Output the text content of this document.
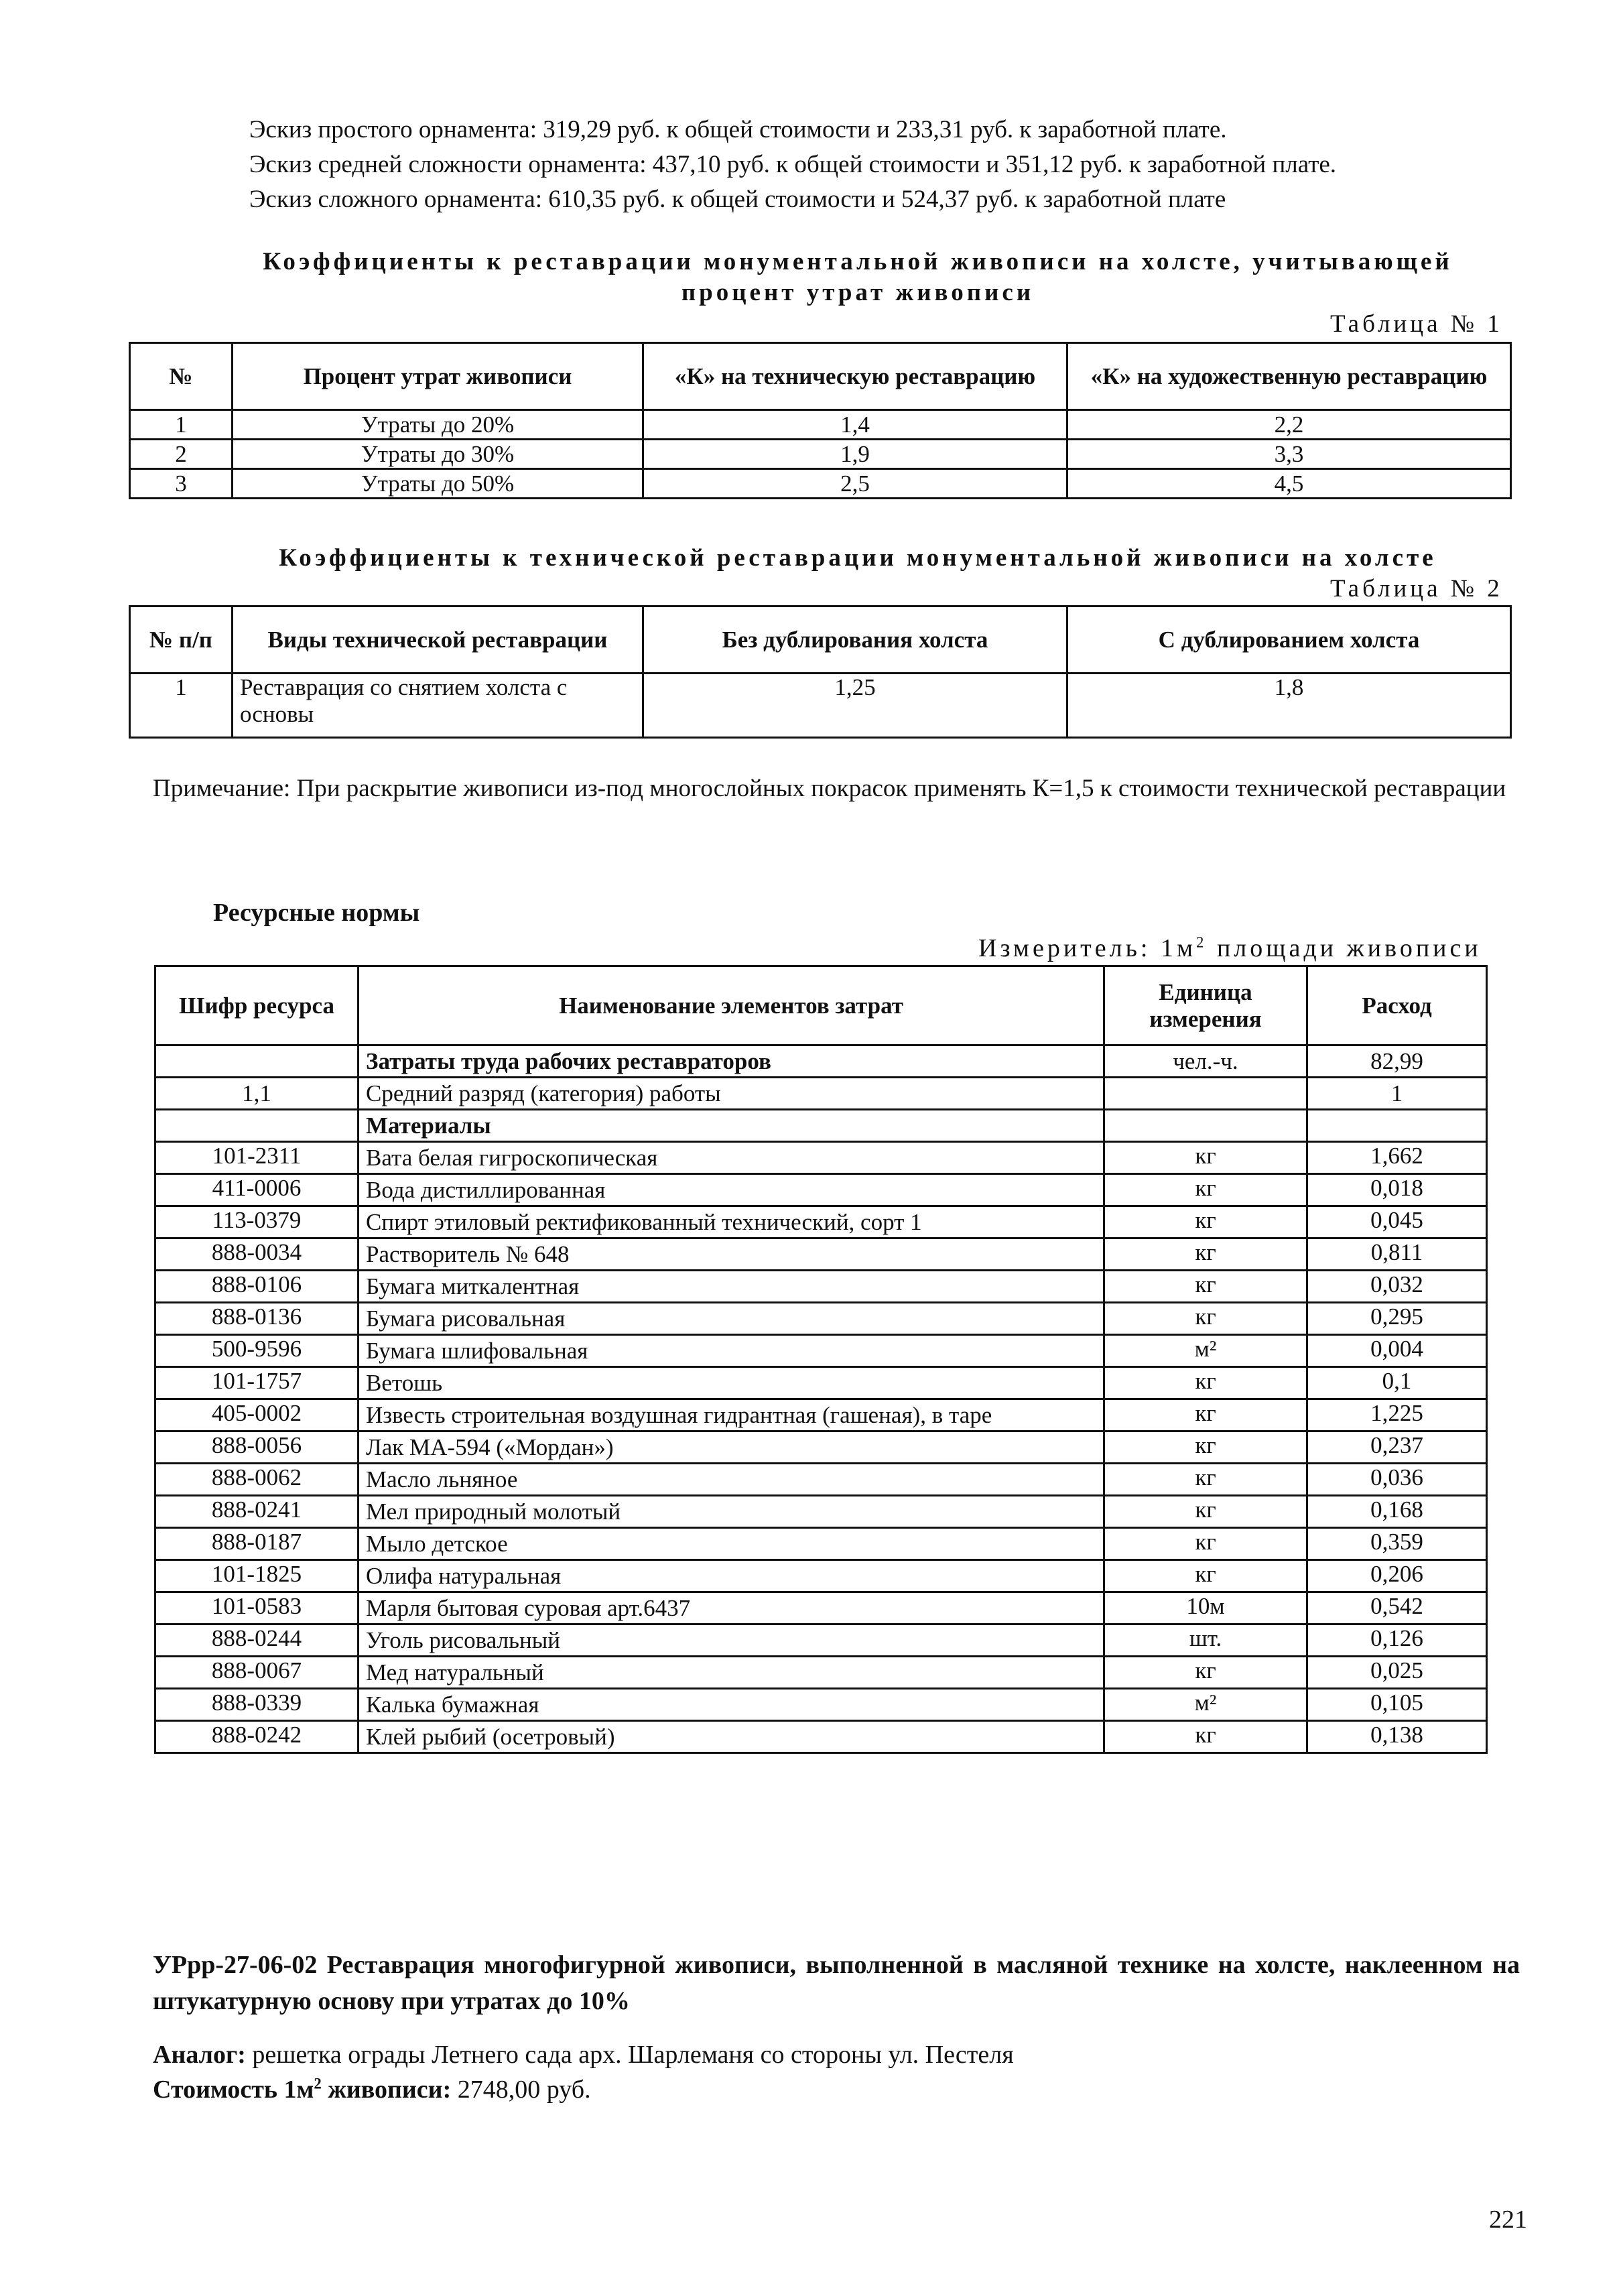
Эскиз простого орнамента: 319,29 руб. к общей стоимости и 233,31 руб. к заработной плате.
Эскиз средней сложности орнамента: 437,10 руб. к общей стоимости и 351,12 руб. к заработной плате.
Эскиз сложного орнамента: 610,35 руб. к общей стоимости и 524,37 руб. к заработной плате
Коэффициенты к реставрации монументальной живописи на холсте, учитывающей процент утрат живописи
Таблица № 1
№	Процент утрат живописи	«К» на техническую реставрацию	«К» на художественную реставрацию
1	Утраты до 20%	1,4	2,2
2	Утраты до 30%	1,9	3,3
3	Утраты до 50%	2,5	4,5
Коэффициенты к технической реставрации монументальной живописи на холсте
Таблица № 2
№ п/п	Виды технической реставрации	Без дублирования холста	С дублированием холста
1	Реставрация со снятием холста с основы	1,25	1,8
Примечание: При раскрытие живописи из-под многослойных покрасок применять К=1,5 к стоимости технической реставрации
Ресурсные нормы
Измеритель: $1м^2$ площади живописи
Шифр ресурса	Наименование элементов затрат	Единица измерения	Расход
	Затраты труда рабочих реставраторов	чел.-ч.	82,99
1,1	Средний разряд (категория) работы		1
	Материалы		
101-2311	Вата белая гигроскопическая	кг	1,662
411-0006	Вода дистиллированная	кг	0,018
113-0379	Спирт этиловый ректификованный технический, сорт 1	кг	0,045
888-0034	Растворитель № 648	кг	0,811
888-0106	Бумага миткалентная	кг	0,032
888-0136	Бумага рисовальная	кг	0,295
500-9596	Бумага шлифовальная	м²	0,004
101-1757	Ветошь	кг	0,1
405-0002	Известь строительная воздушная гидрантная (гашеная), в таре	кг	1,225
888-0056	Лак МА-594 («Мордан»)	кг	0,237
888-0062	Масло льняное	кг	0,036
888-0241	Мел природный молотый	кг	0,168
888-0187	Мыло детское	кг	0,359
101-1825	Олифа натуральная	кг	0,206
101-0583	Марля бытовая суровая арт.6437	10м	0,542
888-0244	Уголь рисовальный	шт.	0,126
888-0067	Мед натуральный	кг	0,025
888-0339	Калька бумажная	м²	0,105
888-0242	Клей рыбий (осетровый)	кг	0,138
УРрр-27-06-02 Реставрация многофигурной живописи, выполненной в масляной технике на холсте, наклеенном на штукатурную основу при утратах до 10%
Аналог: решетка ограды Летнего сада арх. Шарлеманя со стороны ул. Пестеля
Стоимость $1м^2$ живописи: 2748,00 руб.
221
